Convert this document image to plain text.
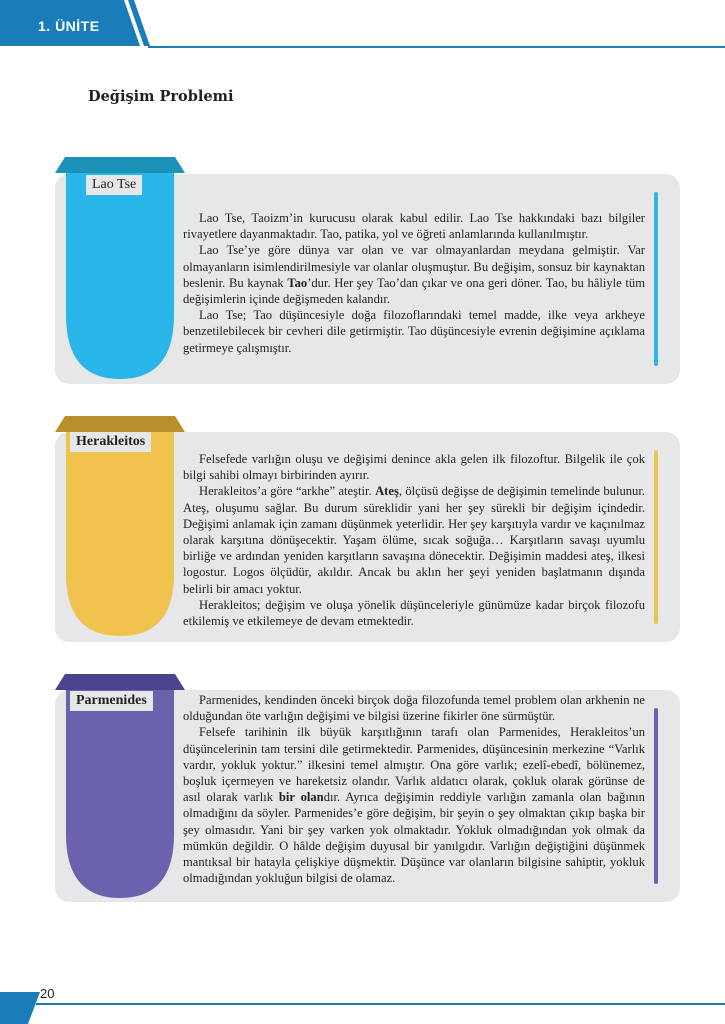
1. ÜNİTE
Değişim Problemi
Lao Tse

Lao Tse, Taoizm’in kurucusu olarak kabul edilir. Lao Tse hakkındaki bazı bilgiler rivayetlere dayanmaktadır. Tao, patika, yol ve öğreti anlamlarında kullanılmıştır.

Lao Tse’ye göre dünya var olan ve var olmayanlardan meydana gelmiştir. Var olmayanların isimlendirilmesiyle var olanlar oluşmuştur. Bu değişim, sonsuz bir kaynaktan beslenir. Bu kaynak Tao’dur. Her şey Tao’dan çıkar ve ona geri döner. Tao, bu hâliyle tüm değişimlerin içinde değişmeden kalandır.

Lao Tse; Tao düşüncesiyle doğa filozoflarındaki temel madde, ilke veya arkheye benzetilebilecek bir cevheri dile getirmiştir. Tao düşüncesiyle evrenin değişimine açıklama getirmeye çalışmıştır.

Herakleitos

Felsefede varlığın oluşu ve değişimi denince akla gelen ilk filozoftur. Bilgelik ile çok bilgi sahibi olmayı birbirinden ayırır.

Herakleitos’a göre “arkhe” ateştir. Ateş, ölçüsü değişse de değişimin temelinde bulunur. Ateş, oluşumu sağlar. Bu durum süreklidir yani her şey sürekli bir değişim içindedir. Değişimi anlamak için zamanı düşünmek yeterlidir. Her şey karşıtıyla vardır ve kaçınılmaz olarak karşıtına dönüşecektir. Yaşam ölüme, sıcak soğuğa… Karşıtların savaşı uyumlu birliğe ve ardından yeniden karşıtların savaşına dönecektir. Değişimin maddesi ateş, ilkesi logostur. Logos ölçüdür, akıldır. Ancak bu aklın her şeyi yeniden başlatmanın dışında belirli bir amacı yoktur.

Herakleitos; değişim ve oluşa yönelik düşünceleriyle günümüze kadar birçok filozofu etkilemiş ve etkilemeye de devam etmektedir.

Parmenides	Parmenides, kendinden önceki birçok doğa filozofunda temel problem olan arkhenin ne olduğundan öte varlığın değişimi ve bilgisi üzerine fikirler öne sürmüştür.

Felsefe tarihinin ilk büyük karşıtlığının tarafı olan Parmenides, Herakleitos’un düşüncelerinin tam tersini dile getirmektedir. Parmenides, düşüncesinin merkezine “Varlık vardır, yokluk yoktur.” ilkesini temel almıştır. Ona göre varlık; ezelî-ebedî, bölünemez, boşluk içermeyen ve hareketsiz olandır. Varlık aldatıcı olarak, çokluk olarak görünse de asıl olarak varlık bir olandır. Ayrıca değişimin reddiyle varlığın zamanla olan bağının olmadığını da söyler. Parmenides’e göre değişim, bir şeyin o şey olmaktan çıkıp başka bir şey olmasıdır. Yani bir şey varken yok olmaktadır. Yokluk olmadığından yok olmak da mümkün değildir. O hâlde değişim duyusal bir yanılgıdır. Varlığın değiştiğini düşünmek mantıksal bir hatayla çelişkiye düşmektir. Düşünce var olanların bilgisine sahiptir, yokluk olmadığından yokluğun bilgisi de olamaz.

20
